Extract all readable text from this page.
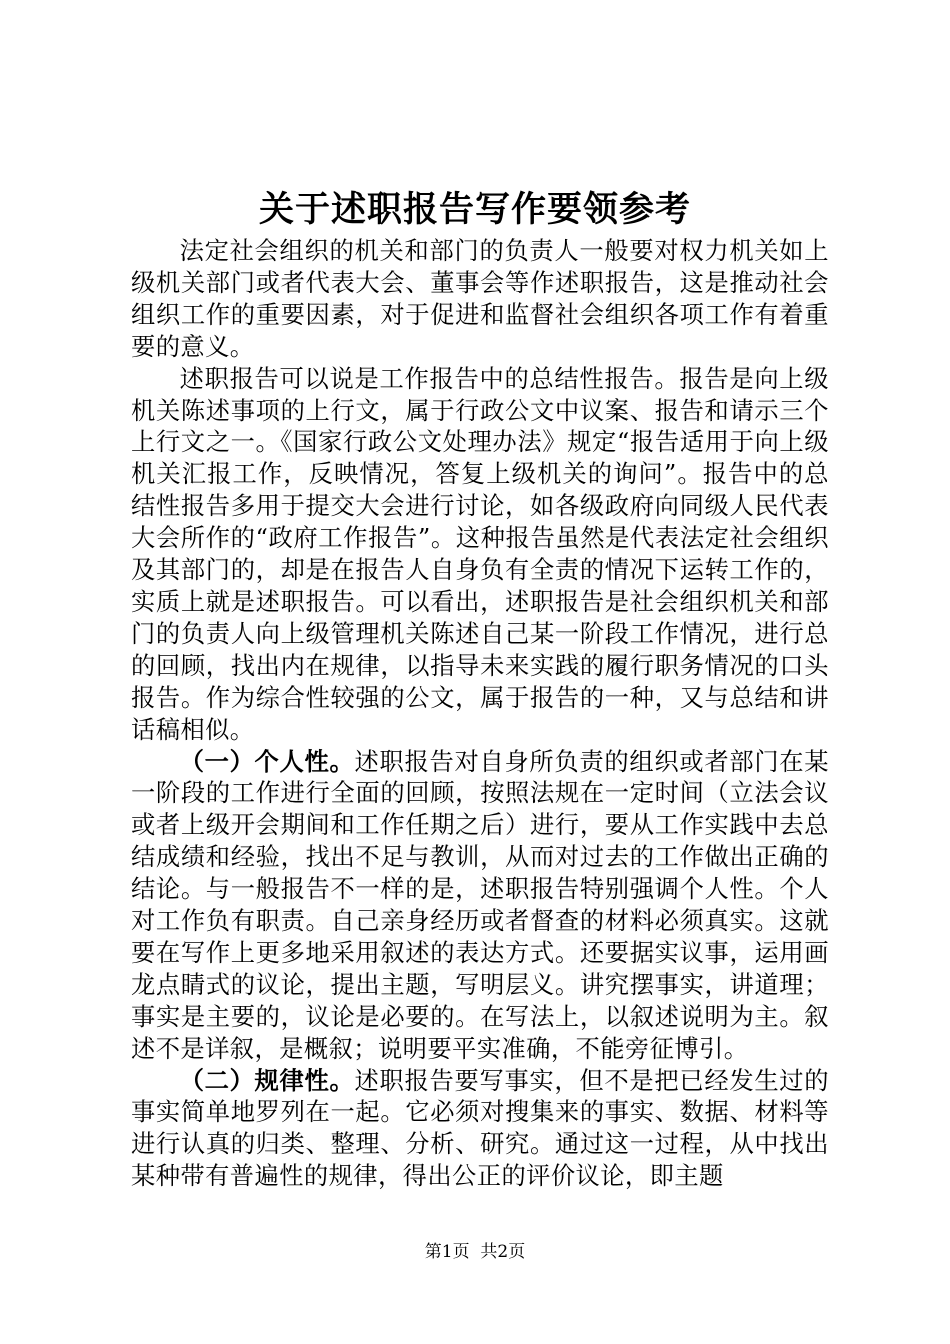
关于述职报告写作要领参考

法定社会组织的机关和部门的负责人一般要对权力机关如上级机关部门或者代表大会、董事会等作述职报告，这是推动社会组织工作的重要因素，对于促进和监督社会组织各项工作有着重要的意义。

述职报告可以说是工作报告中的总结性报告。报告是向上级机关陈述事项的上行文，属于行政公文中议案、报告和请示三个上行文之一。《国家行政公文处理办法》规定“报告适用于向上级机关汇报工作，反映情况，答复上级机关的询问”。报告中的总结性报告多用于提交大会进行讨论，如各级政府向同级人民代表大会所作的“政府工作报告”。这种报告虽然是代表法定社会组织及其部门的，却是在报告人自身负有全责的情况下运转工作的，实质上就是述职报告。可以看出，述职报告是社会组织机关和部门的负责人向上级管理机关陈述自己某一阶段工作情况，进行总的回顾，找出内在规律，以指导未来实践的履行职务情况的口头报告。作为综合性较强的公文，属于报告的一种，又与总结和讲话稿相似。

（一）个人性。述职报告对自身所负责的组织或者部门在某一阶段的工作进行全面的回顾，按照法规在一定时间（立法会议或者上级开会期间和工作任期之后）进行，要从工作实践中去总结成绩和经验，找出不足与教训，从而对过去的工作做出正确的结论。与一般报告不一样的是，述职报告特别强调个人性。个人对工作负有职责。自己亲身经历或者督查的材料必须真实。这就要在写作上更多地采用叙述的表达方式。还要据实议事，运用画龙点睛式的议论，提出主题，写明层义。讲究摆事实，讲道理；事实是主要的，议论是必要的。在写法上，以叙述说明为主。叙述不是详叙，是概叙；说明要平实准确，不能旁征博引。

（二）规律性。述职报告要写事实，但不是把已经发生过的事实简单地罗列在一起。它必须对搜集来的事实、数据、材料等进行认真的归类、整理、分析、研究。通过这一过程，从中找出某种带有普遍性的规律，得出公正的评价议论，即主题

第1页  共2页
